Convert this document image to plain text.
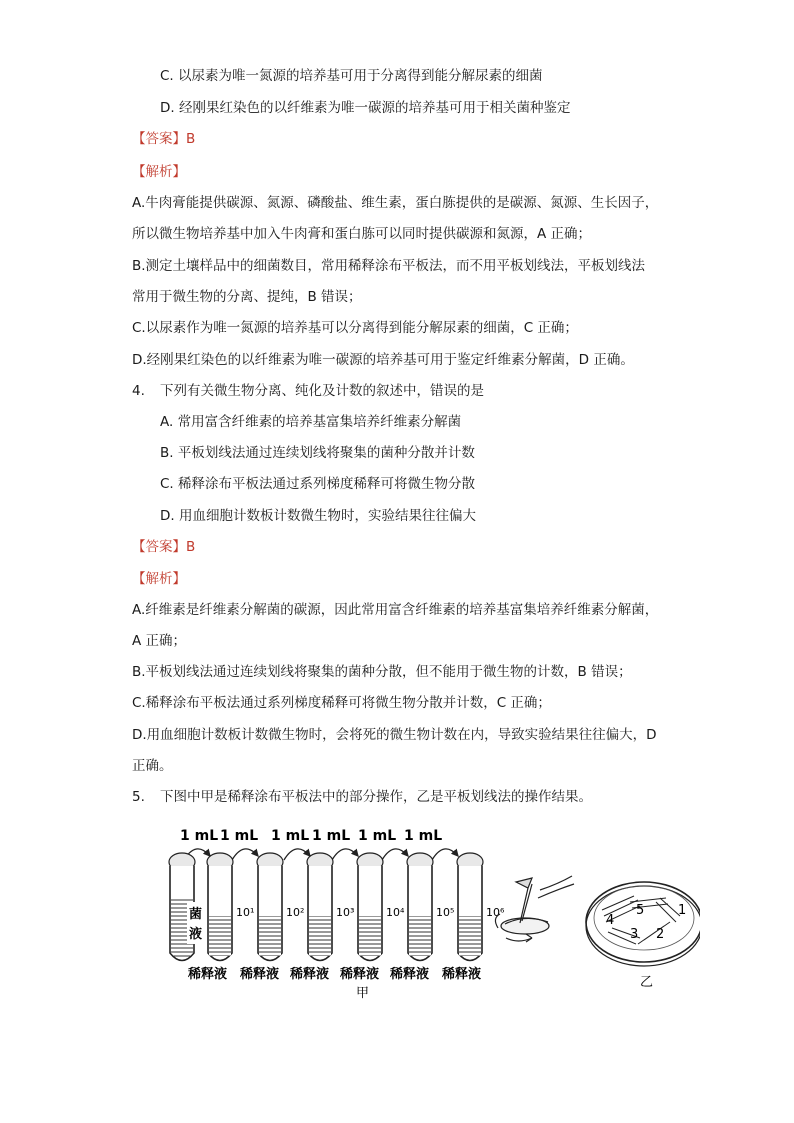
C. 以尿素为唯一氮源的培养基可用于分离得到能分解尿素的细菌
D. 经刚果红染色的以纤维素为唯一碳源的培养基可用于相关菌种鉴定
【答案】B
【解析】
A.牛肉膏能提供碳源、氮源、磷酸盐、维生素，蛋白胨提供的是碳源、氮源、生长因子，
所以微生物培养基中加入牛肉膏和蛋白胨可以同时提供碳源和氮源，A 正确；
B.测定土壤样品中的细菌数目，常用稀释涂布平板法，而不用平板划线法，平板划线法
常用于微生物的分离、提纯，B 错误；
C.以尿素作为唯一氮源的培养基可以分离得到能分解尿素的细菌，C 正确；
D.经刚果红染色的以纤维素为唯一碳源的培养基可用于鉴定纤维素分解菌，D 正确。
4. 下列有关微生物分离、纯化及计数的叙述中，错误的是
A. 常用富含纤维素的培养基富集培养纤维素分解菌
B. 平板划线法通过连续划线将聚集的菌种分散并计数
C. 稀释涂布平板法通过系列梯度稀释可将微生物分散
D. 用血细胞计数板计数微生物时，实验结果往往偏大
【答案】B
【解析】
A.纤维素是纤维素分解菌的碳源，因此常用富含纤维素的培养基富集培养纤维素分解菌，
A 正确；
B.平板划线法通过连续划线将聚集的菌种分散，但不能用于微生物的计数，B 错误；
C.稀释涂布平板法通过系列梯度稀释可将微生物分散并计数，C 正确；
D.用血细胞计数板计数微生物时，会将死的微生物计数在内，导致实验结果往往偏大，D
正确。
5. 下图中甲是稀释涂布平板法中的部分操作，乙是平板划线法的操作结果。
1 mL 1 mL 1 mL 1 mL 1 mL 1 mL
菌
液
10¹	10²	10³	10⁴	10⁵	10⁶
稀释液 稀释液 稀释液 稀释液 稀释液 稀释液
甲
4
5	1
3 2
乙
